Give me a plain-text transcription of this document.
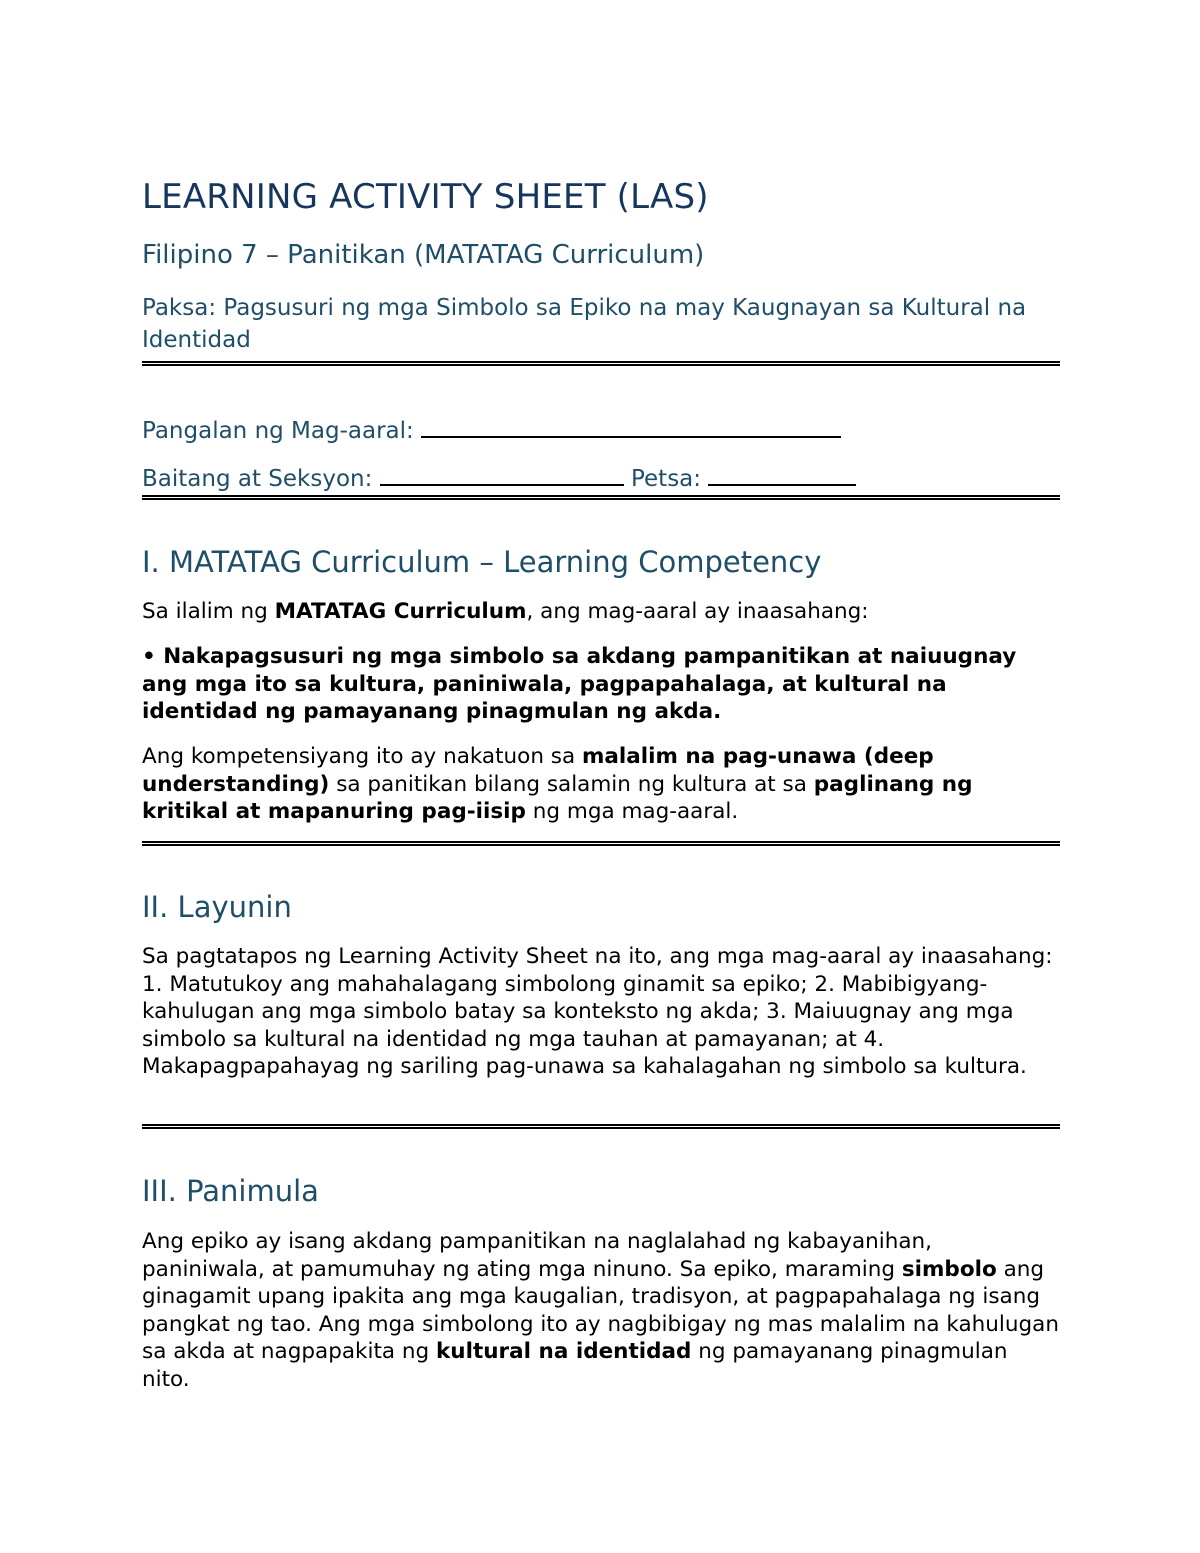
LEARNING ACTIVITY SHEET (LAS)
Filipino 7 – Panitikan (MATATAG Curriculum)
Paksa: Pagsusuri ng mga Simbolo sa Epiko na may Kaugnayan sa Kultural na Identidad
Pangalan ng Mag-aaral:
Baitang at Seksyon:	Petsa:
I. MATATAG Curriculum – Learning Competency
Sa ilalim ng MATATAG Curriculum, ang mag-aaral ay inaasahang:
• Nakapagsusuri ng mga simbolo sa akdang pampanitikan at naiuugnay ang mga ito sa kultura, paniniwala, pagpapahalaga, at kultural na identidad ng pamayanang pinagmulan ng akda.
Ang kompetensiyang ito ay nakatuon sa malalim na pag-unawa (deep understanding) sa panitikan bilang salamin ng kultura at sa paglinang ng kritikal at mapanuring pag-iisip ng mga mag-aaral.
II. Layunin
Sa pagtatapos ng Learning Activity Sheet na ito, ang mga mag-aaral ay inaasahang: 1. Matutukoy ang mahahalagang simbolong ginamit sa epiko; 2. Mabibigyang-kahulugan ang mga simbolo batay sa konteksto ng akda; 3. Maiuugnay ang mga simbolo sa kultural na identidad ng mga tauhan at pamayanan; at 4. Makapagpapahayag ng sariling pag-unawa sa kahalagahan ng simbolo sa kultura.
III. Panimula
Ang epiko ay isang akdang pampanitikan na naglalahad ng kabayanihan, paniniwala, at pamumuhay ng ating mga ninuno. Sa epiko, maraming simbolo ang ginagamit upang ipakita ang mga kaugalian, tradisyon, at pagpapahalaga ng isang pangkat ng tao. Ang mga simbolong ito ay nagbibigay ng mas malalim na kahulugan sa akda at nagpapakita ng kultural na identidad ng pamayanang pinagmulan nito.
